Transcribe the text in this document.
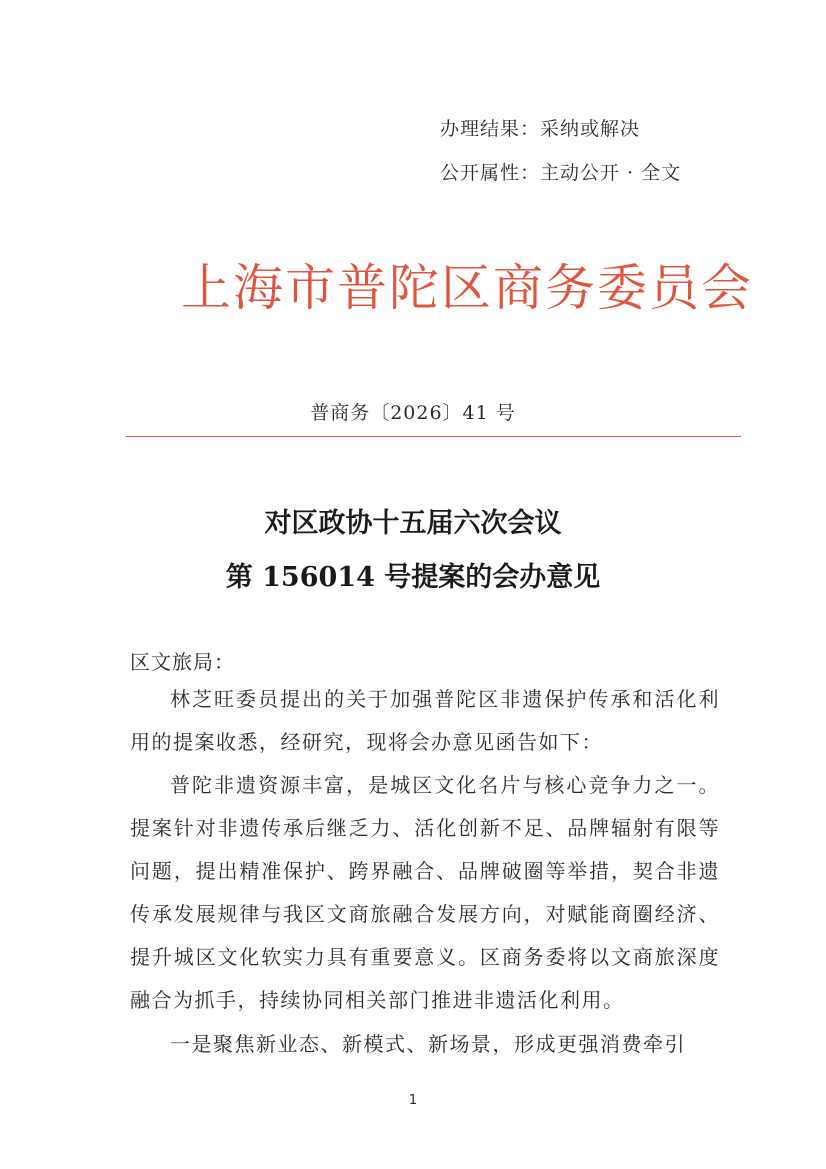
办理结果：采纳或解决
公开属性：主动公开 · 全文
上海市普陀区商务委员会
普商务〔2026〕41 号
对区政协十五届六次会议
第 156014 号提案的会办意见
区文旅局：
林芝旺委员提出的关于加强普陀区非遗保护传承和活化利用的提案收悉，经研究，现将会办意见函告如下：
普陀非遗资源丰富，是城区文化名片与核心竞争力之一。提案针对非遗传承后继乏力、活化创新不足、品牌辐射有限等问题，提出精准保护、跨界融合、品牌破圈等举措，契合非遗传承发展规律与我区文商旅融合发展方向，对赋能商圈经济、提升城区文化软实力具有重要意义。区商务委将以文商旅深度融合为抓手，持续协同相关部门推进非遗活化利用。
一是聚焦新业态、新模式、新场景，形成更强消费牵引
1
